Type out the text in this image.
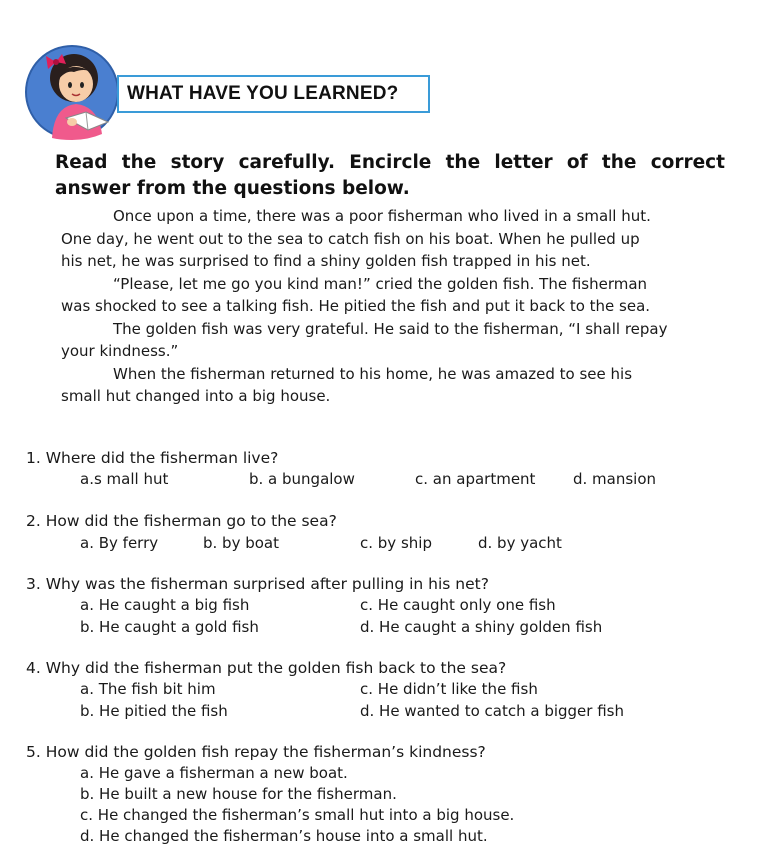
WHAT HAVE YOU LEARNED?
Read the story carefully. Encircle the letter of the correct answer from the questions below.

Once upon a time, there was a poor fisherman who lived in a small hut.

One day, he went out to the sea to catch fish on his boat. When he pulled up

his net, he was surprised to find a shiny golden fish trapped in his net.

“Please, let me go you kind man!” cried the golden fish. The fisherman

was shocked to see a talking fish. He pitied the fish and put it back to the sea.

The golden fish was very grateful. He said to the fisherman, “I shall repay

your kindness.”

When the fisherman returned to his home, he was amazed to see his

small hut changed into a big house.

1. Where did the fisherman live?
a.s mall hut	b. a bungalow	c. an apartment	d. mansion
2. How did the fisherman go to the sea?
a. By ferry	b. by boat	c. by ship	d. by yacht
3. Why was the fisherman surprised after pulling in his net?
a. He caught a big fish	c. He caught only one fish
b. He caught a gold fish	d. He caught a shiny golden fish
4. Why did the fisherman put the golden fish back to the sea?
a. The fish bit him	c. He didn’t like the fish
b. He pitied the fish	d. He wanted to catch a bigger fish
5. How did the golden fish repay the fisherman’s kindness?
a. He gave a fisherman a new boat.
b. He built a new house for the fisherman.
c. He changed the fisherman’s small hut into a big house.
d. He changed the fisherman’s house into a small hut.
